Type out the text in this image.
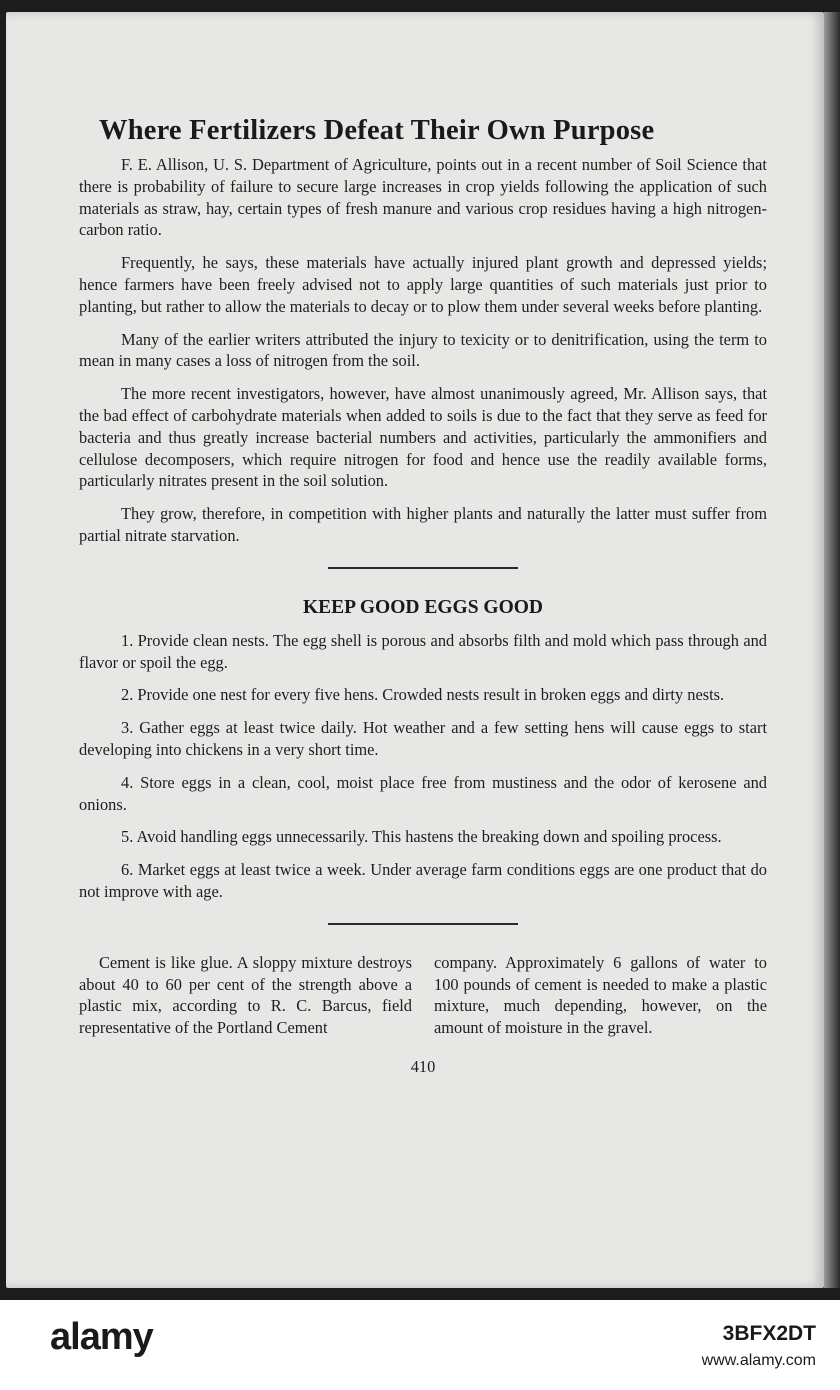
Where Fertilizers Defeat Their Own Purpose

F. E. Allison, U. S. Department of Agriculture, points out in a recent number of Soil Science that there is probability of failure to secure large increases in crop yields following the application of such materials as straw, hay, certain types of fresh manure and various crop residues having a high nitrogen-carbon ratio.

Frequently, he says, these materials have actually injured plant growth and depressed yields; hence farmers have been freely advised not to apply large quantities of such materials just prior to planting, but rather to allow the materials to decay or to plow them under several weeks before planting.

Many of the earlier writers attributed the injury to texicity or to denitrification, using the term to mean in many cases a loss of nitrogen from the soil.

The more recent investigators, however, have almost unanimously agreed, Mr. Allison says, that the bad effect of carbohydrate materials when added to soils is due to the fact that they serve as feed for bacteria and thus greatly increase bacterial numbers and activities, particularly the ammonifiers and cellulose decomposers, which require nitrogen for food and hence use the readily available forms, particularly nitrates present in the soil solution.

They grow, therefore, in competition with higher plants and naturally the latter must suffer from partial nitrate starvation.

KEEP GOOD EGGS GOOD

1. Provide clean nests. The egg shell is porous and absorbs filth and mold which pass through and flavor or spoil the egg.

2. Provide one nest for every five hens. Crowded nests result in broken eggs and dirty nests.

3. Gather eggs at least twice daily. Hot weather and a few setting hens will cause eggs to start developing into chickens in a very short time.

4. Store eggs in a clean, cool, moist place free from mustiness and the odor of kerosene and onions.

5. Avoid handling eggs unnecessarily. This hastens the breaking down and spoiling process.

6. Market eggs at least twice a week. Under average farm conditions eggs are one product that do not improve with age.

Cement is like glue. A sloppy mixture destroys about 40 to 60 per cent of the strength above a plastic mix, according to R. C. Barcus, field representative of the Portland Cement

company. Approximately 6 gallons of water to 100 pounds of cement is needed to make a plastic mixture, much depending, however, on the amount of moisture in the gravel.

410
alamy	3BFX2DT
www.alamy.com
